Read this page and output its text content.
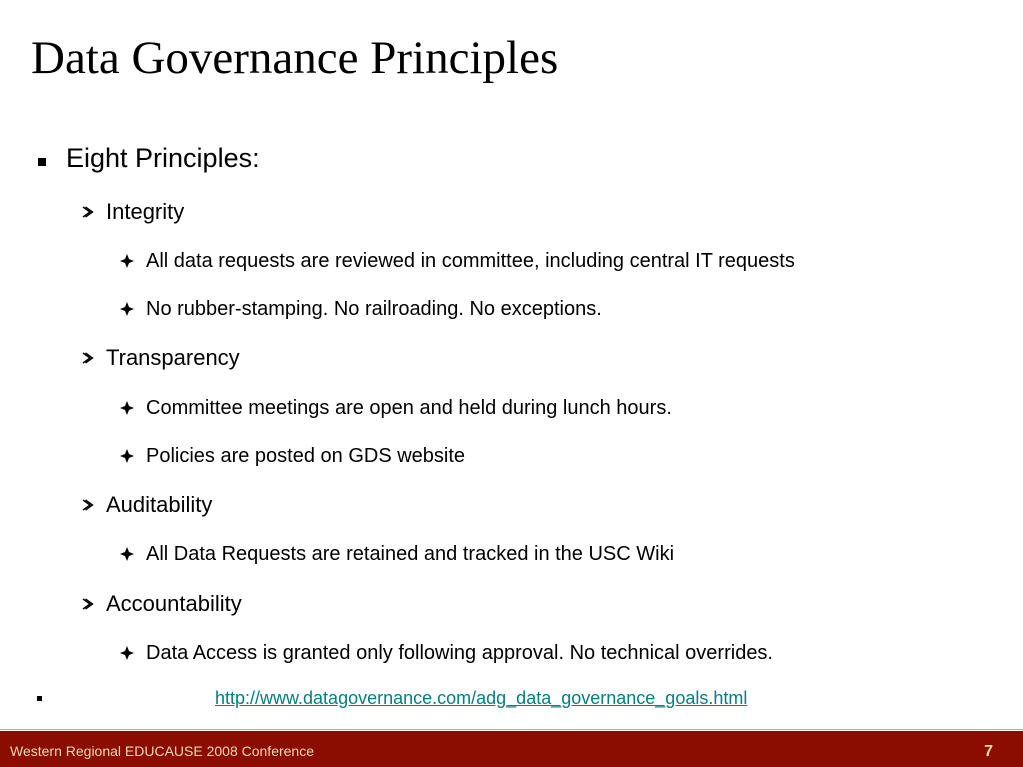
Data Governance Principles
Eight Principles:
Integrity
All data requests are reviewed in committee, including central IT requests
No rubber-stamping. No railroading. No exceptions.
Transparency
Committee meetings are open and held during lunch hours.
Policies are posted on GDS website
Auditability
All Data Requests are retained and tracked in the USC Wiki
Accountability
Data Access is granted only following approval. No technical overrides.
http://www.datagovernance.com/adg_data_governance_goals.html
Western Regional EDUCAUSE 2008 Conference	7
